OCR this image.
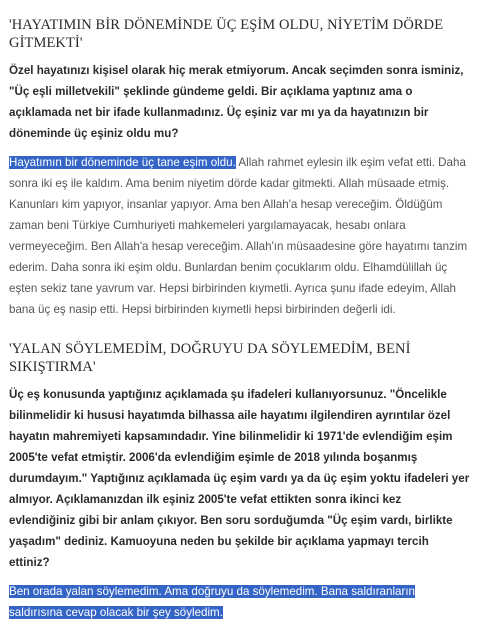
'HAYATIMIN BİR DÖNEMİNDE ÜÇ EŞİM OLDU, NİYETİM DÖRDE GİTMEKTİ'

Özel hayatınızı kişisel olarak hiç merak etmiyorum. Ancak seçimden sonra isminiz, "Üç eşli milletvekili" şeklinde gündeme geldi. Bir açıklama yaptınız ama o açıklamada net bir ifade kullanmadınız. Üç eşiniz var mı ya da hayatınızın bir döneminde üç eşiniz oldu mu?

Hayatımın bir döneminde üç tane eşim oldu. Allah rahmet eylesin ilk eşim vefat etti. Daha sonra iki eş ile kaldım. Ama benim niyetim dörde kadar gitmekti. Allah müsaade etmiş. Kanunları kim yapıyor, insanlar yapıyor. Ama ben Allah'a hesap vereceğim. Öldüğüm zaman beni Türkiye Cumhuriyeti mahkemeleri yargılamayacak, hesabı onlara vermeyeceğim. Ben Allah'a hesap vereceğim. Allah'ın müsaadesine göre hayatımı tanzim ederim. Daha sonra iki eşim oldu. Bunlardan benim çocuklarım oldu. Elhamdülillah üç eşten sekiz tane yavrum var. Hepsi birbirinden kıymetli. Ayrıca şunu ifade edeyim, Allah bana üç eş nasip etti. Hepsi birbirinden kıymetli hepsi birbirinden değerli idi.

'YALAN SÖYLEMEDİM, DOĞRUYU DA SÖYLEMEDİM, BENİ SIKIŞTIRMA'

Üç eş konusunda yaptığınız açıklamada şu ifadeleri kullanıyorsunuz. "Öncelikle bilinmelidir ki hususi hayatımda bilhassa aile hayatımı ilgilendiren ayrıntılar özel hayatın mahremiyeti kapsamındadır. Yine bilinmelidir ki 1971'de evlendiğim eşim 2005'te vefat etmiştir. 2006'da evlendiğim eşimle de 2018 yılında boşanmış durumdayım." Yaptığınız açıklamada üç eşim vardı ya da üç eşim yoktu ifadeleri yer almıyor. Açıklamanızdan ilk eşiniz 2005'te vefat ettikten sonra ikinci kez evlendiğiniz gibi bir anlam çıkıyor. Ben soru sorduğumda "Üç eşim vardı, birlikte yaşadım" dediniz. Kamuoyuna neden bu şekilde bir açıklama yapmayı tercih ettiniz?

Ben orada yalan söylemedim. Ama doğruyu da söylemedim. Bana saldıranların saldırısına cevap olacak bir şey söyledim.
